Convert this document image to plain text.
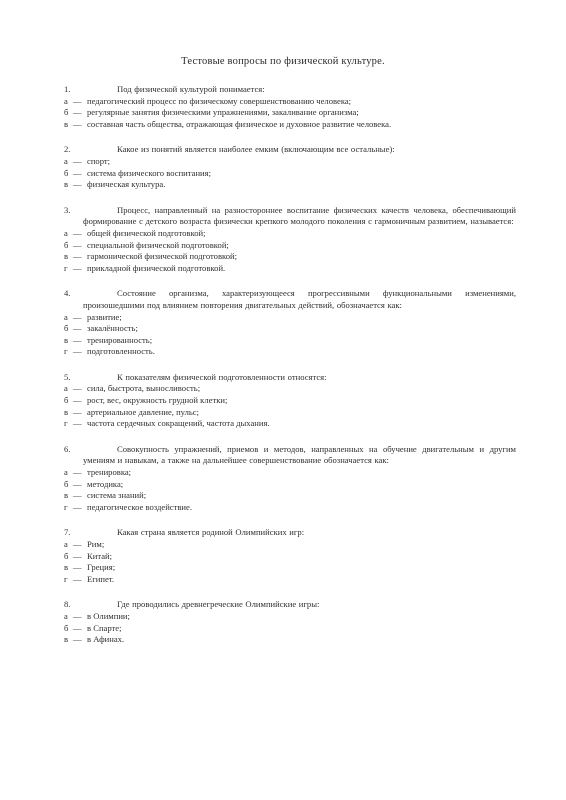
Тестовые вопросы по физической культуре.
1.	Под физической культурой понимается:
а — педагогический процесс по физическому совершенствованию человека;
б — регулярные занятия физическими упражнениями, закаливание организма;
в — составная часть общества, отражающая физическое и духовное развитие человека.
2.	Какое из понятий является наиболее емким (включающим все остальные):
а — спорт;
б — система физического воспитания;
в — физическая культура.
3.	Процесс, направленный на разностороннее воспитание физических качеств человека, обеспечивающий формирование с детского возраста физически крепкого молодого поколения с гармоничным развитием, называется:
а — общей физической подготовкой;
б — специальной физической подготовкой;
в — гармонической физической подготовкой;
г — прикладной физической подготовкой.
4.	Состояние организма, характеризующееся прогрессивными функциональными изменениями, произошедшими под влиянием повторения двигательных действий, обозначается как:
а — развитие;
б — закалённость;
в — тренированность;
г — подготовленность.
5.	К показателям физической подготовленности относятся:
а — сила, быстрота, выносливость;
б — рост, вес, окружность грудной клетки;
в — артериальное давление, пульс;
г — частота сердечных сокращений, частота дыхания.
6.	Совокупность упражнений, приемов и методов, направленных на обучение двигательным и другим умениям и навыкам, а также на дальнейшее совершенствование обозначается как:
а — тренировка;
б — методика;
в — система знаний;
г — педагогическое воздействие.
7.	Какая страна является родиной Олимпийских игр:
а — Рим;
б — Китай;
в — Греция;
г — Египет.
8.	Где проводились древнегреческие Олимпийские игры:
а — в Олимпии;
б — в Спарте;
в — в Афинах.
